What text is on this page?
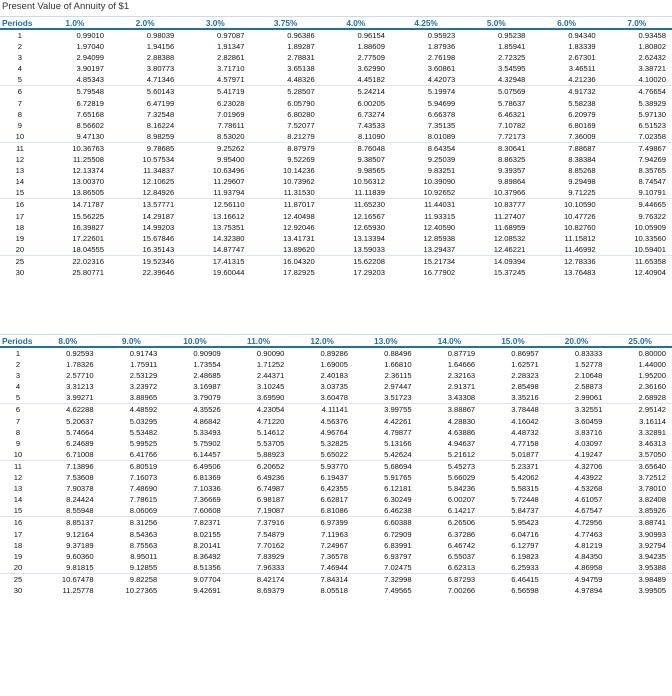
Present Value of Annuity of $1
Periods	1.0%	2.0%	3.0%	3.75%	4.0%	4.25%	5.0%	6.0%	7.0%
1	0.99010	0.98039	0.97087	0.96386	0.96154	0.95923	0.95238	0.94340	0.93458
2	1.97040	1.94156	1.91347	1.89287	1.88609	1.87936	1.85941	1.83339	1.80802
3	2.94099	2.88388	2.82861	2.78831	2.77509	2.76198	2.72325	2.67301	2.62432
4	3.90197	3.80773	3.71710	3.65138	3.62990	3.60861	3.54595	3.46511	3.38721
5	4.85343	4.71346	4.57971	4.48326	4.45182	4.42073	4.32948	4.21236	4.10020
6	5.79548	5.60143	5.41719	5.28507	5.24214	5.19974	5.07569	4.91732	4.76654
7	6.72819	6.47199	6.23028	6.05790	6.00205	5.94699	5.78637	5.58238	5.38929
8	7.65168	7.32548	7.01969	6.80280	6.73274	6.66378	6.46321	6.20979	5.97130
9	8.56602	8.16224	7.78611	7.52077	7.43533	7.35135	7.10782	6.80169	6.51523
10	9.47130	8.98259	8.53020	8.21279	8.11090	8.01089	7.72173	7.36009	7.02358
11	10.36763	9.78685	9.25262	8.87979	8.76048	8.64354	8.30641	7.88687	7.49867
12	11.25508	10.57534	9.95400	9.52269	9.38507	9.25039	8.86325	8.38384	7.94269
13	12.13374	11.34837	10.63496	10.14236	9.98565	9.83251	9.39357	8.85268	8.35765
14	13.00370	12.10625	11.29607	10.73962	10.56312	10.39090	9.89864	9.29498	8.74547
15	13.86505	12.84926	11.93794	11.31530	11.11839	10.92652	10.37966	9.71225	9.10791
16	14.71787	13.57771	12.56110	11.87017	11.65230	11.44031	10.83777	10.10590	9.44665
17	15.56225	14.29187	13.16612	12.40498	12.16567	11.93315	11.27407	10.47726	9.76322
18	16.39827	14.99203	13.75351	12.92046	12.65930	12.40590	11.68959	10.82760	10.05909
19	17.22601	15.67846	14.32380	13.41731	13.13394	12.85938	12.08532	11.15812	10.33560
20	18.04555	16.35143	14.87747	13.89620	13.59033	13.29437	12.46221	11.46992	10.59401
25	22.02316	19.52346	17.41315	16.04320	15.62208	15.21734	14.09394	12.78336	11.65358
30	25.80771	22.39646	19.60044	17.82925	17.29203	16.77902	15.37245	13.76483	12.40904
Periods	8.0%	9.0%	10.0%	11.0%	12.0%	13.0%	14.0%	15.0%	20.0%	25.0%
1	0.92593	0.91743	0.90909	0.90090	0.89286	0.88496	0.87719	0.86957	0.83333	0.80000
2	1.78326	1.75911	1.73554	1.71252	1.69005	1.66810	1.64666	1.62571	1.52778	1.44000
3	2.57710	2.53129	2.48685	2.44371	2.40183	2.36115	2.32163	2.28323	2.10648	1.95200
4	3.31213	3.23972	3.16987	3.10245	3.03735	2.97447	2.91371	2.85498	2.58873	2.36160
5	3.99271	3.88965	3.79079	3.69590	3.60478	3.51723	3.43308	3.35216	2.99061	2.68928
6	4.62288	4.48592	4.35526	4.23054	4.11141	3.99755	3.88867	3.78448	3.32551	2.95142
7	5.20637	5.03295	4.86842	4.71220	4.56376	4.42261	4.28830	4.16042	3.60459	3.16114
8	5.74664	5.53482	5.33493	5.14612	4.96764	4.79877	4.63886	4.48732	3.83716	3.32891
9	6.24689	5.99525	5.75902	5.53705	5.32825	5.13166	4.94637	4.77158	4.03097	3.46313
10	6.71008	6.41766	6.14457	5.88923	5.65022	5.42624	5.21612	5.01877	4.19247	3.57050
11	7.13896	6.80519	6.49506	6.20652	5.93770	5.68694	5.45273	5.23371	4.32706	3.65640
12	7.53608	7.16073	6.81369	6.49236	6.19437	5.91765	5.66029	5.42062	4.43922	3.72512
13	7.90378	7.48690	7.10336	6.74987	6.42355	6.12181	5.84236	5.58315	4.53268	3.78010
14	8.24424	7.78615	7.36669	6.98187	6.62817	6.30249	6.00207	5.72448	4.61057	3.82408
15	8.55948	8.06069	7.60608	7.19087	6.81086	6.46238	6.14217	5.84737	4.67547	3.85926
16	8.85137	8.31256	7.82371	7.37916	6.97399	6.60388	6.26506	5.95423	4.72956	3.88741
17	9.12164	8.54363	8.02155	7.54879	7.11963	6.72909	6.37286	6.04716	4.77463	3.90993
18	9.37189	8.75563	8.20141	7.70162	7.24967	6.83991	6.46742	6.12797	4.81219	3.92794
19	9.60360	8.95011	8.36492	7.83929	7.36578	6.93797	6.55037	6.19823	4.84350	3.94235
20	9.81815	9.12855	8.51356	7.96333	7.46944	7.02475	6.62313	6.25933	4.86958	3.95388
25	10.67478	9.82258	9.07704	8.42174	7.84314	7.32998	6.87293	6.46415	4.94759	3.98489
30	11.25778	10.27365	9.42691	8.69379	8.05518	7.49565	7.00266	6.56598	4.97894	3.99505
